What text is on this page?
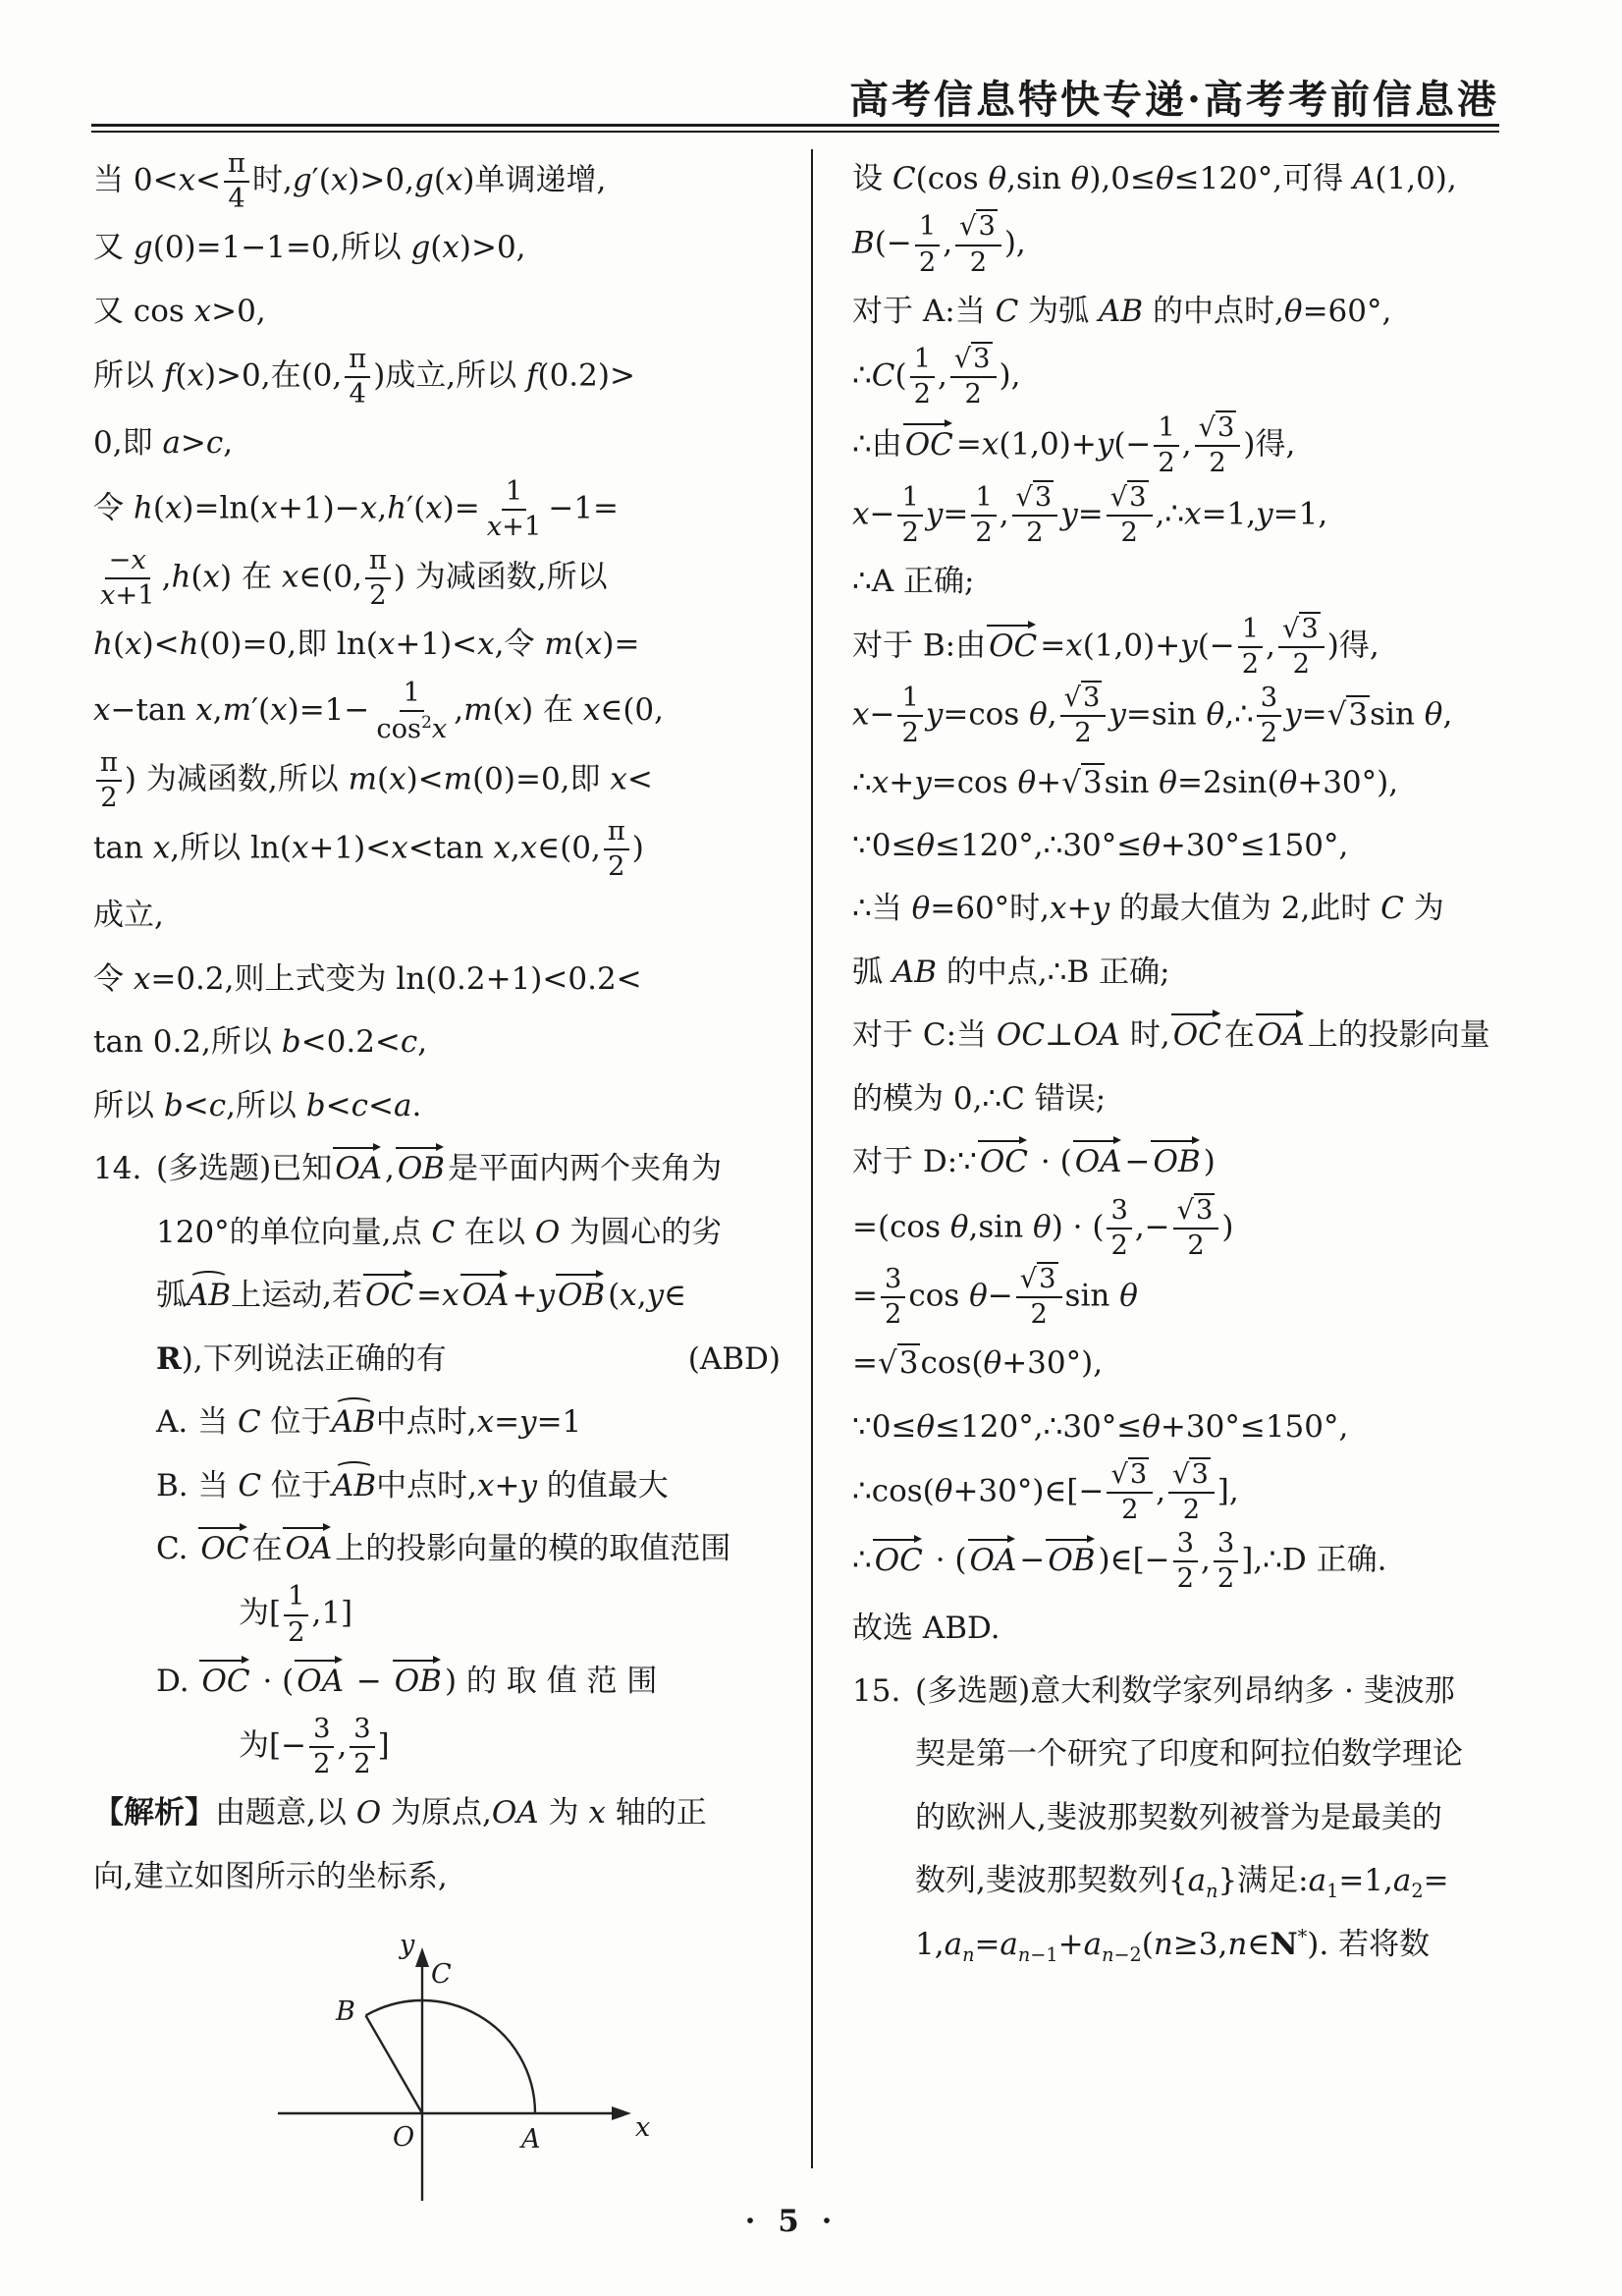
高考信息特快专递·高考考前信息港
当 $0<x< \frac{\pi}{4}$ 时,g′(x)>0,g(x)单调递增,
又 g(0)=1−1=0,所以 g(x)>0,
又 cos x>0,
所以 f(x)>0,在(0, $\frac{\pi}{4}$ )成立,所以 f(0.2)>
0,即 a>c,
令 $h(x)=\ln(x+1)-x,h'(x)= \frac{1}{x+1} -1=$
$\frac{-x}{x+1} ,h(x)$ 在 x∈(0, $\frac{\pi}{2}$ ) 为减函数,所以
h(x)<h(0)=0,即 ln(x+1)<x,令 m(x)=
x−tan $x,m'(x)=1- \frac{1}{\cos^2x} ,m(x)$ 在 x∈(0,
$\frac{\pi}{2}$ ) 为减函数,所以 m(x)<m(0)=0,即 x<
tan x,所以 ln(x+1)<x<tan x,x∈(0, $\frac{\pi}{2}$ )
成立,
令 x=0.2,则上式变为 ln(0.2+1)<0.2<
tan 0.2,所以 b<0.2<c,
所以 b<c,所以 b<c<a.
14. (多选题)已知OA,OB是平面内两个夹角为
120°的单位向量,点 C 在以 O 为圆心的劣
弧AB上运动,若OC=xOA+yOB(x,y∈
R),下列说法正确的有	(ABD)
A. 当 C 位于AB中点时,x=y=1
B. 当 C 位于AB中点时,x+y 的值最大
C. OC在OA上的投影向量的模的取值范围
为[ $\frac{1}{2} ,1$]
D. OC · (OA − OB) 的 取 值 范 围
为[− $\frac{3}{2}$ , $\frac{3}{2}$ ]
【解析】由题意,以 O 为原点,OA 为 x 轴的正
向,建立如图所示的坐标系,
y
C
B
O	A	x
设 C(cos θ,sin θ),0≤θ≤120°,可得 A(1,0),
$B(- \frac{1}{2}$ , $\frac{√3}{2}$ ),
对于 A:当 C 为弧 AB 的中点时,θ=60°,
∴C( $\frac{1}{2}$ , $\frac{√3}{2}$ ),
∴由$OC=x(1,0)+y(- \frac{1}{2}$ , $\frac{√3}{2}$ )得,
$x- \frac{1}{2} y= \frac{1}{2}$ , $\frac{√3}{2} y= \frac{√3}{2}$ ,∴x=1,y=1,
∴A 正确;
对于 B:由$OC=x(1,0)+y(- \frac{1}{2}$ , $\frac{√3}{2}$ )得,
$x- \frac{1}{2} y=\cos$ θ, $\frac{√3}{2} y=\sin$ θ,∴ $\frac{3}{2} y=√3\sin$ θ,
∴x+y=cos θ+√3sin θ=2sin(θ+30°),
∵0≤θ≤120°,∴30°≤θ+30°≤150°,
∴当 θ=60°时,x+y 的最大值为 2,此时 C 为
弧 AB 的中点,∴B 正确;
对于 C:当 OC⊥OA 时,OC在OA上的投影向量
的模为 0,∴C 错误;
对于 D:∵OC · (OA−OB)
=(cos θ,sin θ) · ( $\frac{3}{2}$ ,− $\frac{√3}{2}$ )
= $\frac{3}{2}$ $\cos \theta- \frac{√3}{2}$ sin θ
=√3cos(θ+30°),
∵0≤θ≤120°,∴30°≤θ+30°≤150°,
∴cos(θ+30°)∈[− $\frac{√3}{2}$ , $\frac{√3}{2}$ ],
∴OC · (OA−OB)∈[− $\frac{3}{2}$ , $\frac{3}{2}$ ],∴D 正确.
故选 ABD.
15. (多选题)意大利数学家列昂纳多 · 斐波那
契是第一个研究了印度和阿拉伯数学理论
的欧洲人,斐波那契数列被誉为是最美的
数列,斐波那契数列$\{a_n\}$满足$:a_1=1,a_2=$
$1,a_n=a_{n-1}+a_{n-2}(n\ge 3,n\in N^*)$. 若将数
· 5 ·
